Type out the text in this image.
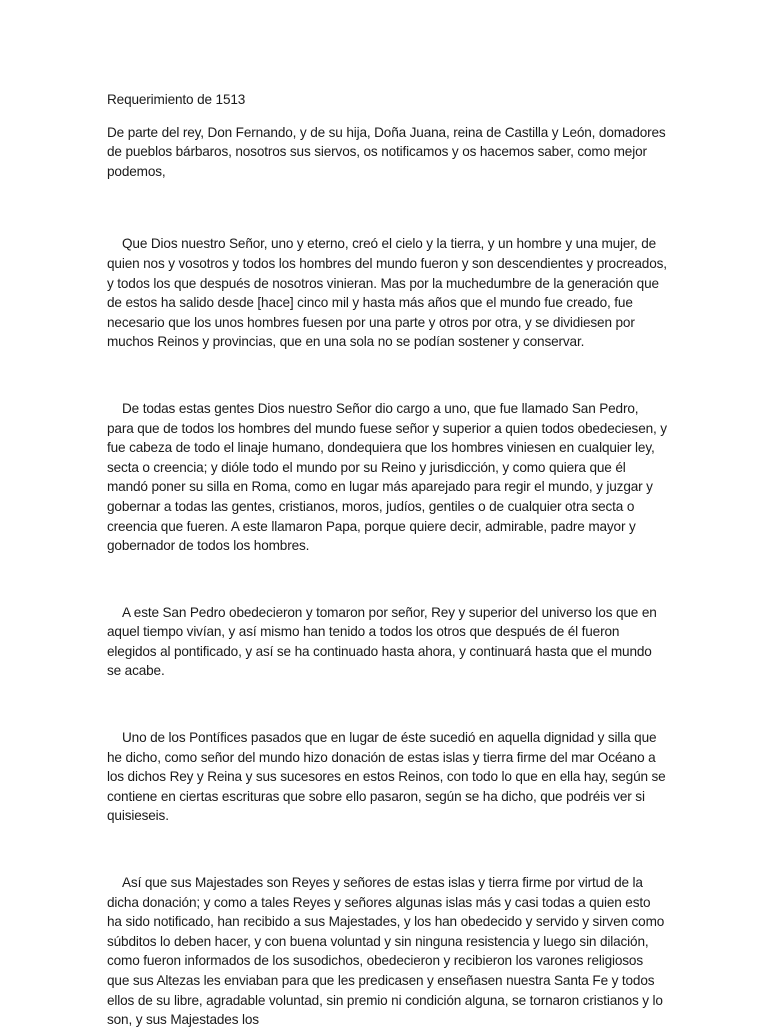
Requerimiento de 1513

De parte del rey, Don Fernando, y de su hija, Doña Juana, reina de Castilla y León, domadores de pueblos bárbaros, nosotros sus siervos, os notificamos y os hacemos saber, como mejor podemos,

Que Dios nuestro Señor, uno y eterno, creó el cielo y la tierra, y un hombre y una mujer, de quien nos y vosotros y todos los hombres del mundo fueron y son descendientes y procreados, y todos los que después de nosotros vinieran. Mas por la muchedumbre de la generación que de estos ha salido desde [hace] cinco mil y hasta más años que el mundo fue creado, fue necesario que los unos hombres fuesen por una parte y otros por otra, y se dividiesen por muchos Reinos y provincias, que en una sola no se podían sostener y conservar.

De todas estas gentes Dios nuestro Señor dio cargo a uno, que fue llamado San Pedro, para que de todos los hombres del mundo fuese señor y superior a quien todos obedeciesen, y fue cabeza de todo el linaje humano, dondequiera que los hombres viniesen en cualquier ley, secta o creencia; y dióle todo el mundo por su Reino y jurisdicción, y como quiera que él mandó poner su silla en Roma, como en lugar más aparejado para regir el mundo, y juzgar y gobernar a todas las gentes, cristianos, moros, judíos, gentiles o de cualquier otra secta o creencia que fueren. A este llamaron Papa, porque quiere decir, admirable, padre mayor y gobernador de todos los hombres.

A este San Pedro obedecieron y tomaron por señor, Rey y superior del universo los que en aquel tiempo vivían, y así mismo han tenido a todos los otros que después de él fueron elegidos al pontificado, y así se ha continuado hasta ahora, y continuará hasta que el mundo se acabe.

Uno de los Pontífices pasados que en lugar de éste sucedió en aquella dignidad y silla que he dicho, como señor del mundo hizo donación de estas islas y tierra firme del mar Océano a los dichos Rey y Reina y sus sucesores en estos Reinos, con todo lo que en ella hay, según se contiene en ciertas escrituras que sobre ello pasaron, según se ha dicho, que podréis ver si quisieseis.

Así que sus Majestades son Reyes y señores de estas islas y tierra firme por virtud de la dicha donación; y como a tales Reyes y señores algunas islas más y casi todas a quien esto ha sido notificado, han recibido a sus Majestades, y los han obedecido y servido y sirven como súbditos lo deben hacer, y con buena voluntad y sin ninguna resistencia y luego sin dilación, como fueron informados de los susodichos, obedecieron y recibieron los varones religiosos que sus Altezas les enviaban para que les predicasen y enseñasen nuestra Santa Fe y todos ellos de su libre, agradable voluntad, sin premio ni condición alguna, se tornaron cristianos y lo son, y sus Majestades los
